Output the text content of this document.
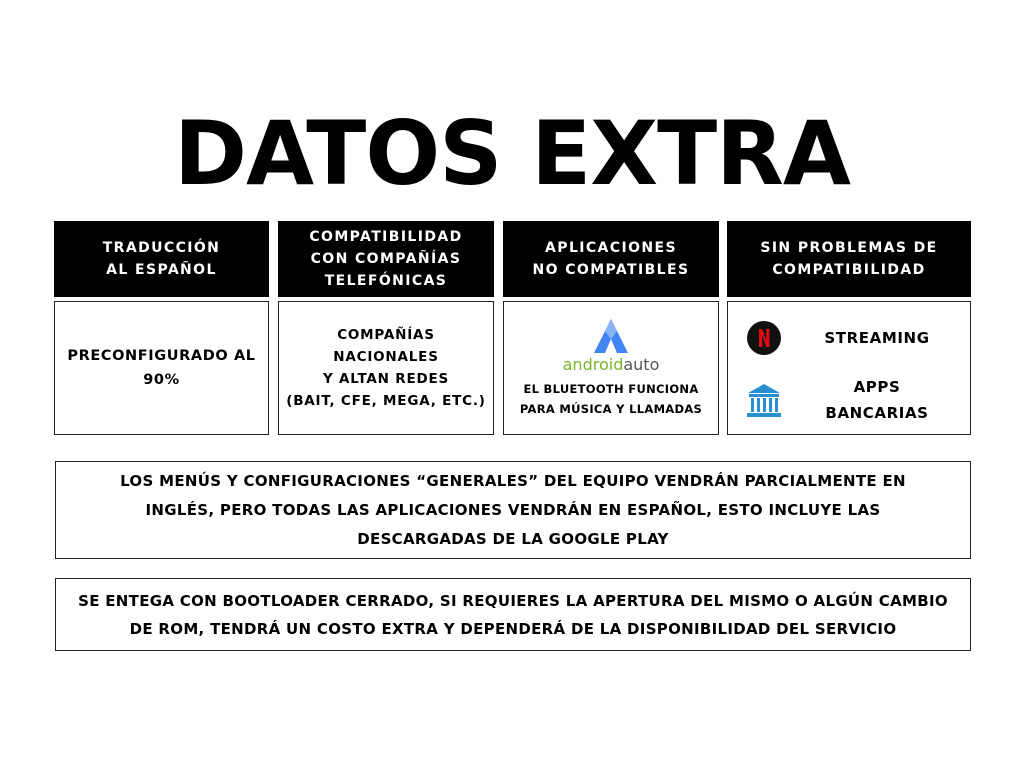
DATOS EXTRA
TRADUCCIÓN
AL ESPAÑOL
COMPATIBILIDAD
CON COMPAÑÍAS
TELEFÓNICAS
APLICACIONES
NO COMPATIBLES
SIN PROBLEMAS DE
COMPATIBILIDAD
PRECONFIGURADO AL
90%
COMPAÑÍAS
NACIONALES
Y ALTAN REDES
(BAIT, CFE, MEGA, ETC.)
androidauto
EL BLUETOOTH FUNCIONA
PARA MÚSICA Y LLAMADAS
STREAMING
APPS
BANCARIAS
LOS MENÚS Y CONFIGURACIONES “GENERALES” DEL EQUIPO VENDRÁN PARCIALMENTE EN INGLÉS, PERO TODAS LAS APLICACIONES VENDRÁN EN ESPAÑOL, ESTO INCLUYE LAS DESCARGADAS DE LA GOOGLE PLAY
SE ENTEGA CON BOOTLOADER CERRADO, SI REQUIERES LA APERTURA DEL MISMO O ALGÚN CAMBIO DE ROM, TENDRÁ UN COSTO EXTRA Y DEPENDERÁ DE LA DISPONIBILIDAD DEL SERVICIO
